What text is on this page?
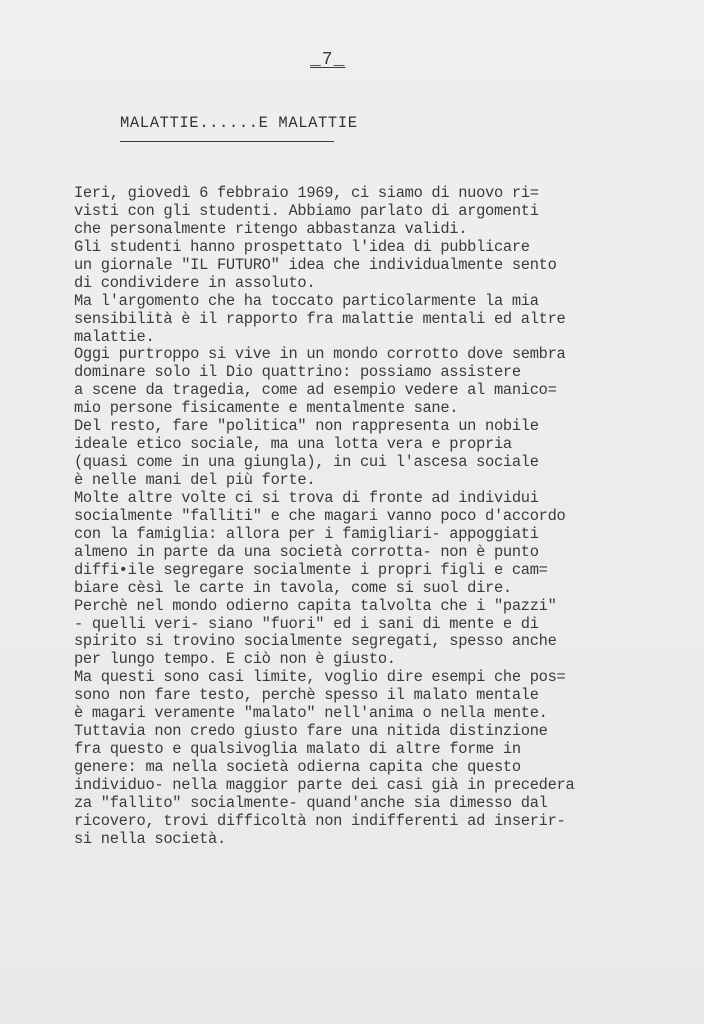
_7_
MALATTIE......E MALATTIE
Ieri, giovedì 6 febbraio 1969, ci siamo di nuovo ri=
visti con gli studenti. Abbiamo parlato di argomenti
che personalmente ritengo abbastanza validi.
Gli studenti hanno prospettato l'idea di pubblicare
un giornale "IL FUTURO" idea che individualmente sento
di condividere in assoluto.
Ma l'argomento che ha toccato particolarmente la mia
sensibilità è il rapporto fra malattie mentali ed altre
malattie.
Oggi purtroppo si vive in un mondo corrotto dove sembra
dominare solo il Dio quattrino: possiamo assistere
a scene da tragedia, come ad esempio vedere al manico=
mio persone fisicamente e mentalmente sane.
Del resto, fare "politica" non rappresenta un nobile
ideale etico sociale, ma una lotta vera e propria
(quasi come in una giungla), in cui l'ascesa sociale
è nelle mani del più forte.
Molte altre volte ci si trova di fronte ad individui
socialmente "falliti" e che magari vanno poco d'accordo
con la famiglia: allora per i famigliari- appoggiati
almeno in parte da una società corrotta- non è punto
diffi•ile segregare socialmente i propri figli e cam=
biare cèsì le carte in tavola, come si suol dire.
Perchè nel mondo odierno capita talvolta che i "pazzi"
- quelli veri- siano "fuori" ed i sani di mente e di
spirito si trovino socialmente segregati, spesso anche
per lungo tempo. E ciò non è giusto.
Ma questi sono casi limite, voglio dire esempi che pos=
sono non fare testo, perchè spesso il malato mentale
è magari veramente "malato" nell'anima o nella mente.
Tuttavia non credo giusto fare una nitida distinzione
fra questo e qualsivoglia malato di altre forme in
genere: ma nella società odierna capita che questo
individuo- nella maggior parte dei casi già in precedera
za "fallito" socialmente- quand'anche sia dimesso dal
ricovero, trovi difficoltà non indifferenti ad inserir-
si nella società.
